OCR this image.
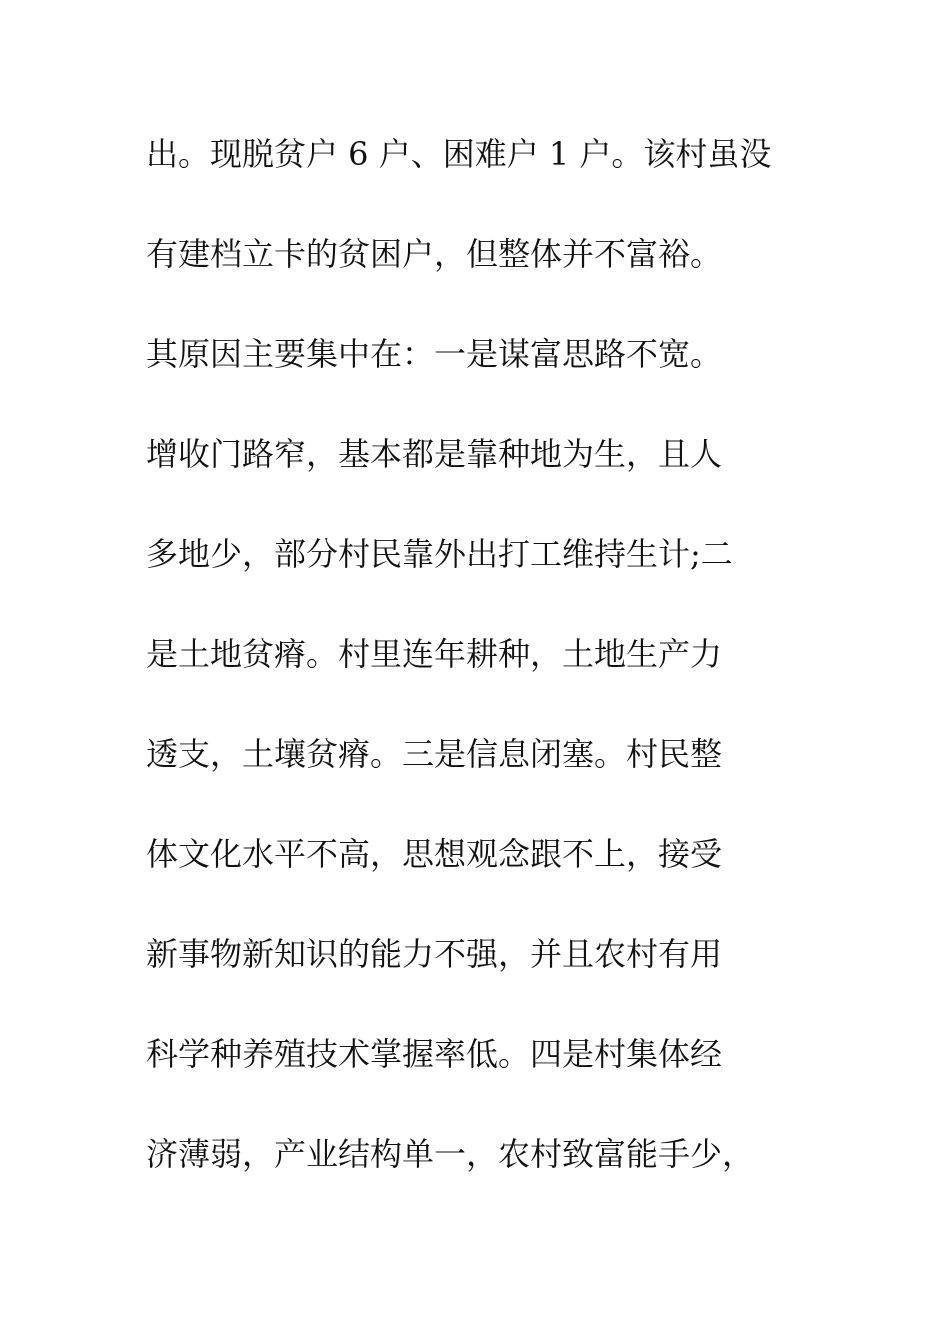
出。现脱贫户 6 户、困难户 1 户。该村虽没
有建档立卡的贫困户，但整体并不富裕。
其原因主要集中在：一是谋富思路不宽。
增收门路窄，基本都是靠种地为生，且人
多地少，部分村民靠外出打工维持生计;二
是土地贫瘠。村里连年耕种，土地生产力
透支，土壤贫瘠。三是信息闭塞。村民整
体文化水平不高，思想观念跟不上，接受
新事物新知识的能力不强，并且农村有用
科学种养殖技术掌握率低。四是村集体经
济薄弱，产业结构单一，农村致富能手少，
